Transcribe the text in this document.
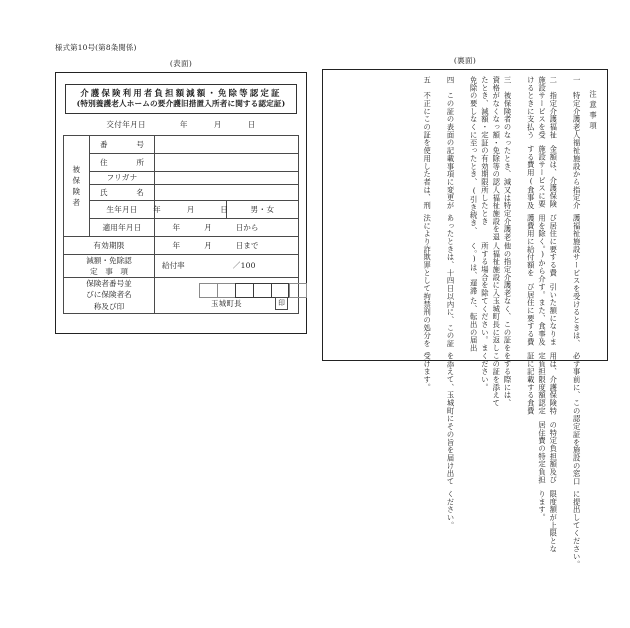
様式第10号(第8条関係)
(表面)
介護保険利用者負担額減額・免除等認定証
(特別養護老人ホームの要介護旧措置入所者に関する認定証)
交付年月日	年	月	日
被
保
険
者	番 号		

	住 所		

	フリガナ		

	氏 名		

	生年月日	年 月 日	男・女
	適用年月日	年 月 日から	

有効期限		年 月 日まで	

減額・免除認
定　事　項

給付率	／100

保険者番号並
びに保険者名
称及び印	玉城町長	印
(裏面)
注意事項
一　特定介護老人福祉施設から指定介護福祉施設サービスを受けるときは、必ず事前に、この認定証を施設の窓口に提出してください。
二　指定介護福祉施設サービスを受けるときに支払う金額は、介護保険施設サービスに要する費用(食事及び居住に要する費用を除く。)から介護費用に給付額を引いた額になります。また、食事及び居住に要する費用は、介護保険特定負担限度額認定証に記載する食費の特定負担額及び居住費の特定負担限度額が上限となります。
三　被保険者の資格がなくなったとき、減額・免除の要しなくなったとき、減額・免除等の認定証の有効期限に至ったとき、又は特定介護老人福祉施設を退所したとき(引き続き、他の指定介護老人福祉施設に入所する場合を除く。)は、遅滞なく、この証を玉城町長に返してください。また、転出の届出をする際には、この証を添えてください。
四　この証の表面の記載事項に変更があったときは、十四日以内に、この証を添えて、玉城町にその旨を届け出てください。
五　不正にこの証を使用した者は、刑法により詐欺罪として拘禁刑の処分を受けます。
